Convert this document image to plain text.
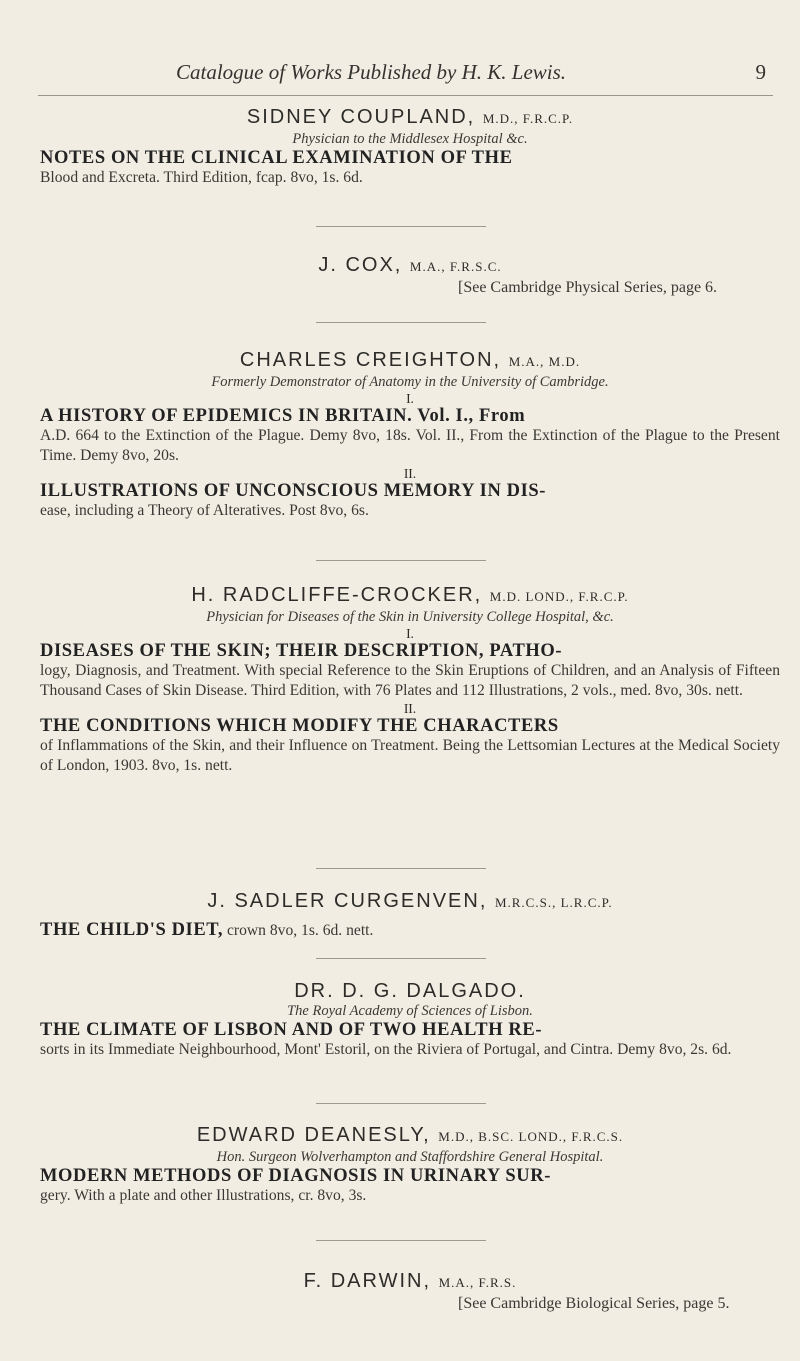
Catalogue of Works Published by H. K. Lewis.	9
SIDNEY COUPLAND, M.D., F.R.C.P.
Physician to the Middlesex Hospital &c.
NOTES ON THE CLINICAL EXAMINATION OF THE
Blood and Excreta. Third Edition, fcap. 8vo, 1s. 6d.
J. COX, M.A., F.R.S.C.
[See Cambridge Physical Series, page 6.
CHARLES CREIGHTON, M.A., M.D.
Formerly Demonstrator of Anatomy in the University of Cambridge.
I.
A HISTORY OF EPIDEMICS IN BRITAIN. Vol. I., From
A.D. 664 to the Extinction of the Plague. Demy 8vo, 18s. Vol. II., From the Extinction of the Plague to the Present Time. Demy 8vo, 20s.
II.
ILLUSTRATIONS OF UNCONSCIOUS MEMORY IN DIS-
ease, including a Theory of Alteratives. Post 8vo, 6s.
H. RADCLIFFE-CROCKER, M.D. LOND., F.R.C.P.
Physician for Diseases of the Skin in University College Hospital, &c.
I.
DISEASES OF THE SKIN; THEIR DESCRIPTION, PATHO-
logy, Diagnosis, and Treatment. With special Reference to the Skin Eruptions of Children, and an Analysis of Fifteen Thousand Cases of Skin Disease. Third Edition, with 76 Plates and 112 Illustrations, 2 vols., med. 8vo, 30s. nett.
II.
THE CONDITIONS WHICH MODIFY THE CHARACTERS
of Inflammations of the Skin, and their Influence on Treatment. Being the Lettsomian Lectures at the Medical Society of London, 1903. 8vo, 1s. nett.
J. SADLER CURGENVEN, M.R.C.S., L.R.C.P.
THE CHILD'S DIET, crown 8vo, 1s. 6d. nett.
DR. D. G. DALGADO.
The Royal Academy of Sciences of Lisbon.
THE CLIMATE OF LISBON AND OF TWO HEALTH RE-
sorts in its Immediate Neighbourhood, Mont' Estoril, on the Riviera of Portugal, and Cintra. Demy 8vo, 2s. 6d.
EDWARD DEANESLY, M.D., B.SC. LOND., F.R.C.S.
Hon. Surgeon Wolverhampton and Staffordshire General Hospital.
MODERN METHODS OF DIAGNOSIS IN URINARY SUR-
gery. With a plate and other Illustrations, cr. 8vo, 3s.
F. DARWIN, M.A., F.R.S.
[See Cambridge Biological Series, page 5.
